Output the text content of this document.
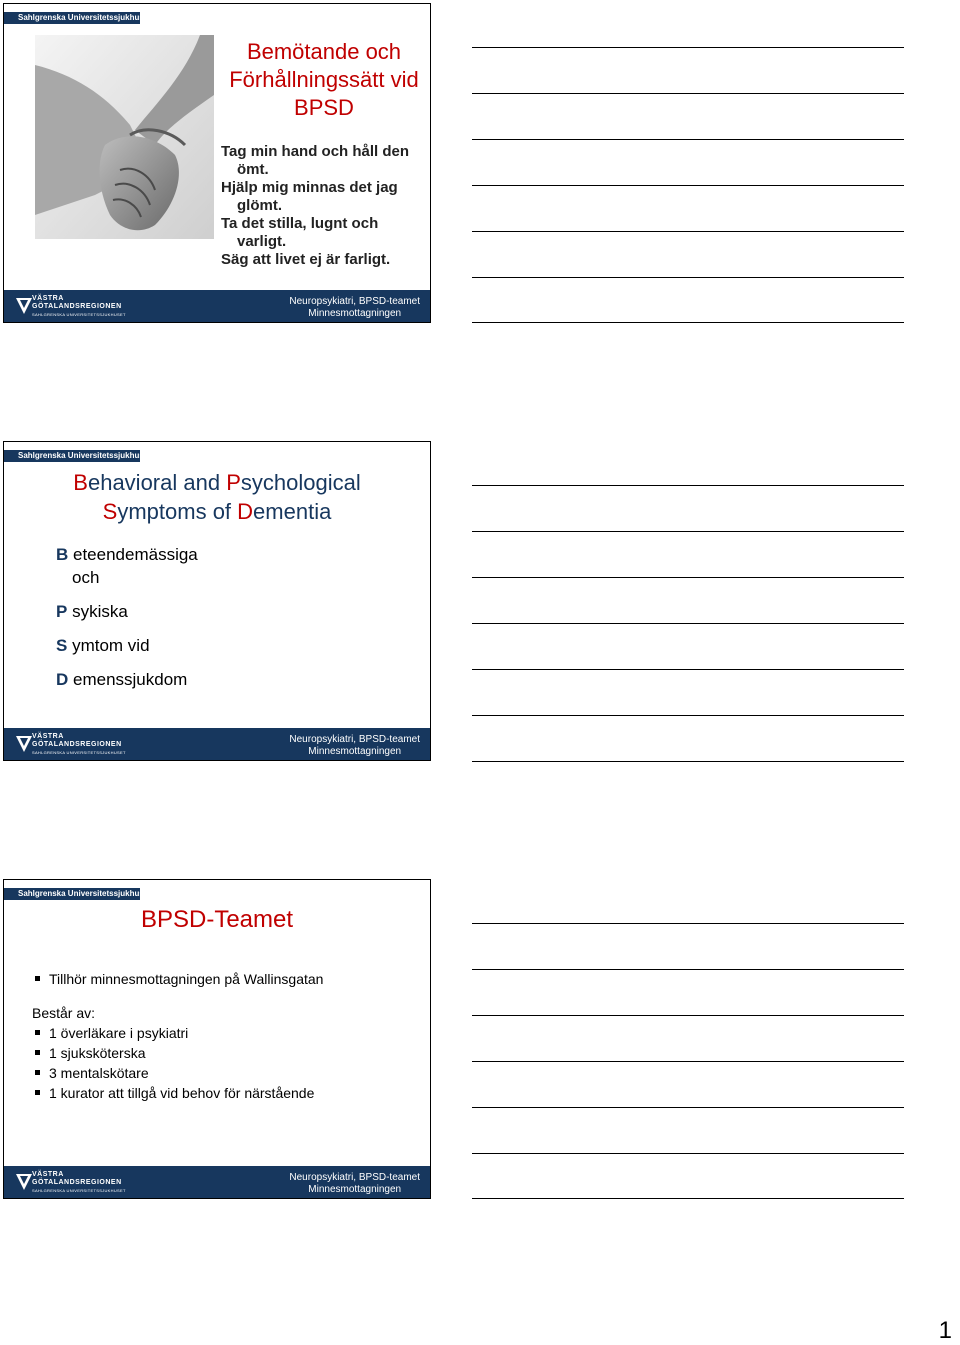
Sahlgrenska Universitetssjukhuset
Bemötande och Förhållningssätt vid BPSD
Tag min hand och håll den ömt.
Hjälp mig minnas det jag glömt.
Ta det stilla, lugnt och varligt.
Säg att livet ej är farligt.
VÄSTRA
GÖTALANDSREGIONEN
SAHLGRENSKA UNIVERSITETSSJUKHUSET
Neuropsykiatri, BPSD-teamet
Minnesmottagningen
Sahlgrenska Universitetssjukhuset
Behavioral and Psychological
Symptoms of Dementia
B eteendemässiga
och
P sykiska
S ymtom vid
D emenssjukdom
VÄSTRA
GÖTALANDSREGIONEN
SAHLGRENSKA UNIVERSITETSSJUKHUSET
Neuropsykiatri, BPSD-teamet
Minnesmottagningen
Sahlgrenska Universitetssjukhuset
BPSD-Teamet
Tillhör minnesmottagningen på Wallinsgatan
Består av:
1 överläkare i psykiatri
1 sjuksköterska
3 mentalskötare
1 kurator att tillgå vid behov för närstående
VÄSTRA
GÖTALANDSREGIONEN
SAHLGRENSKA UNIVERSITETSSJUKHUSET
Neuropsykiatri, BPSD-teamet
Minnesmottagningen
1
